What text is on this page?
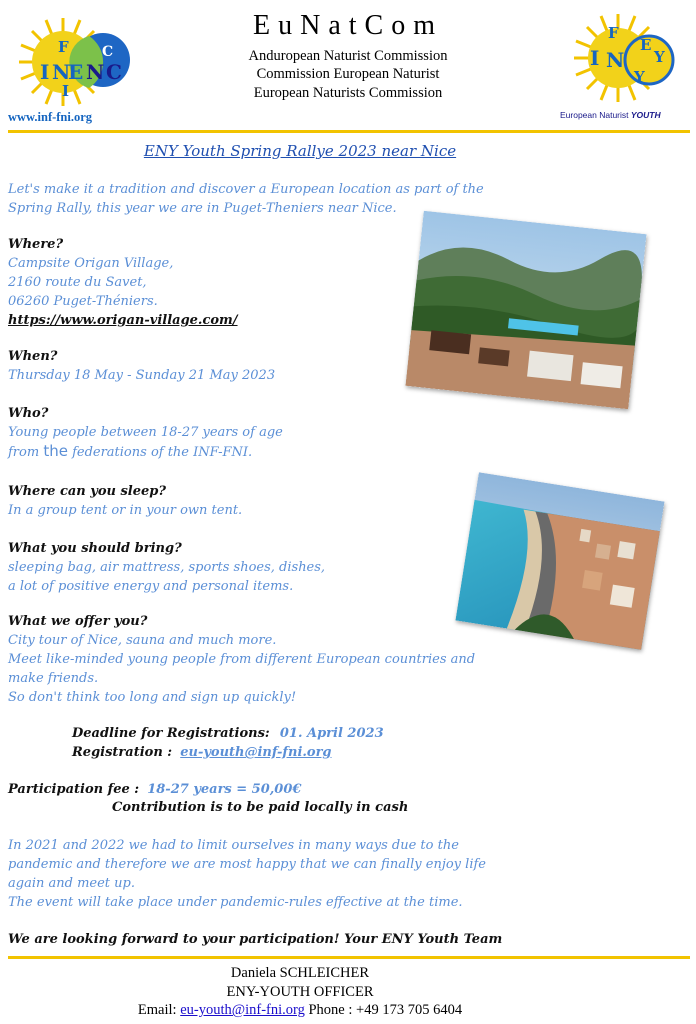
F
I N
E
C
N C
I
www.inf-fni.org
EuNatCom
Anduropean Naturist Commission
Commission European Naturist
European Naturists Commission
F
E
I N Y
Y
European Naturist YOUTH
ENY Youth Spring Rallye 2023 near Nice
Let's make it a tradition and discover a European location as part of the
Spring Rally, this year we are in Puget-Theniers near Nice.
Where?
Campsite Origan Village,
2160 route du Savet,
06260 Puget-Théniers.
https://www.origan-village.com/
When?
Thursday 18 May - Sunday 21 May 2023
Who?
Young people between 18-27 years of age
from the federations of the INF-FNI.
Where can you sleep?
In a group tent or in your own tent.
What you should bring?
sleeping bag, air mattress, sports shoes, dishes,
a lot of positive energy and personal items.
What we offer you?
City tour of Nice, sauna and much more.
Meet like-minded young people from different European countries and
make friends.
So don't think too long and sign up quickly!
Deadline for Registrations: 01. April 2023
Registration : eu-youth@inf-fni.org
Participation fee : 18-27 years = 50,00€
Contribution is to be paid locally in cash
In 2021 and 2022 we had to limit ourselves in many ways due to the
pandemic and therefore we are most happy that we can finally enjoy life
again and meet up.
The event will take place under pandemic-rules effective at the time.
We are looking forward to your participation! Your ENY Youth Team
Daniela SCHLEICHER
ENY-YOUTH OFFICER
Email: eu-youth@inf-fni.org Phone : +49 173 705 6404
